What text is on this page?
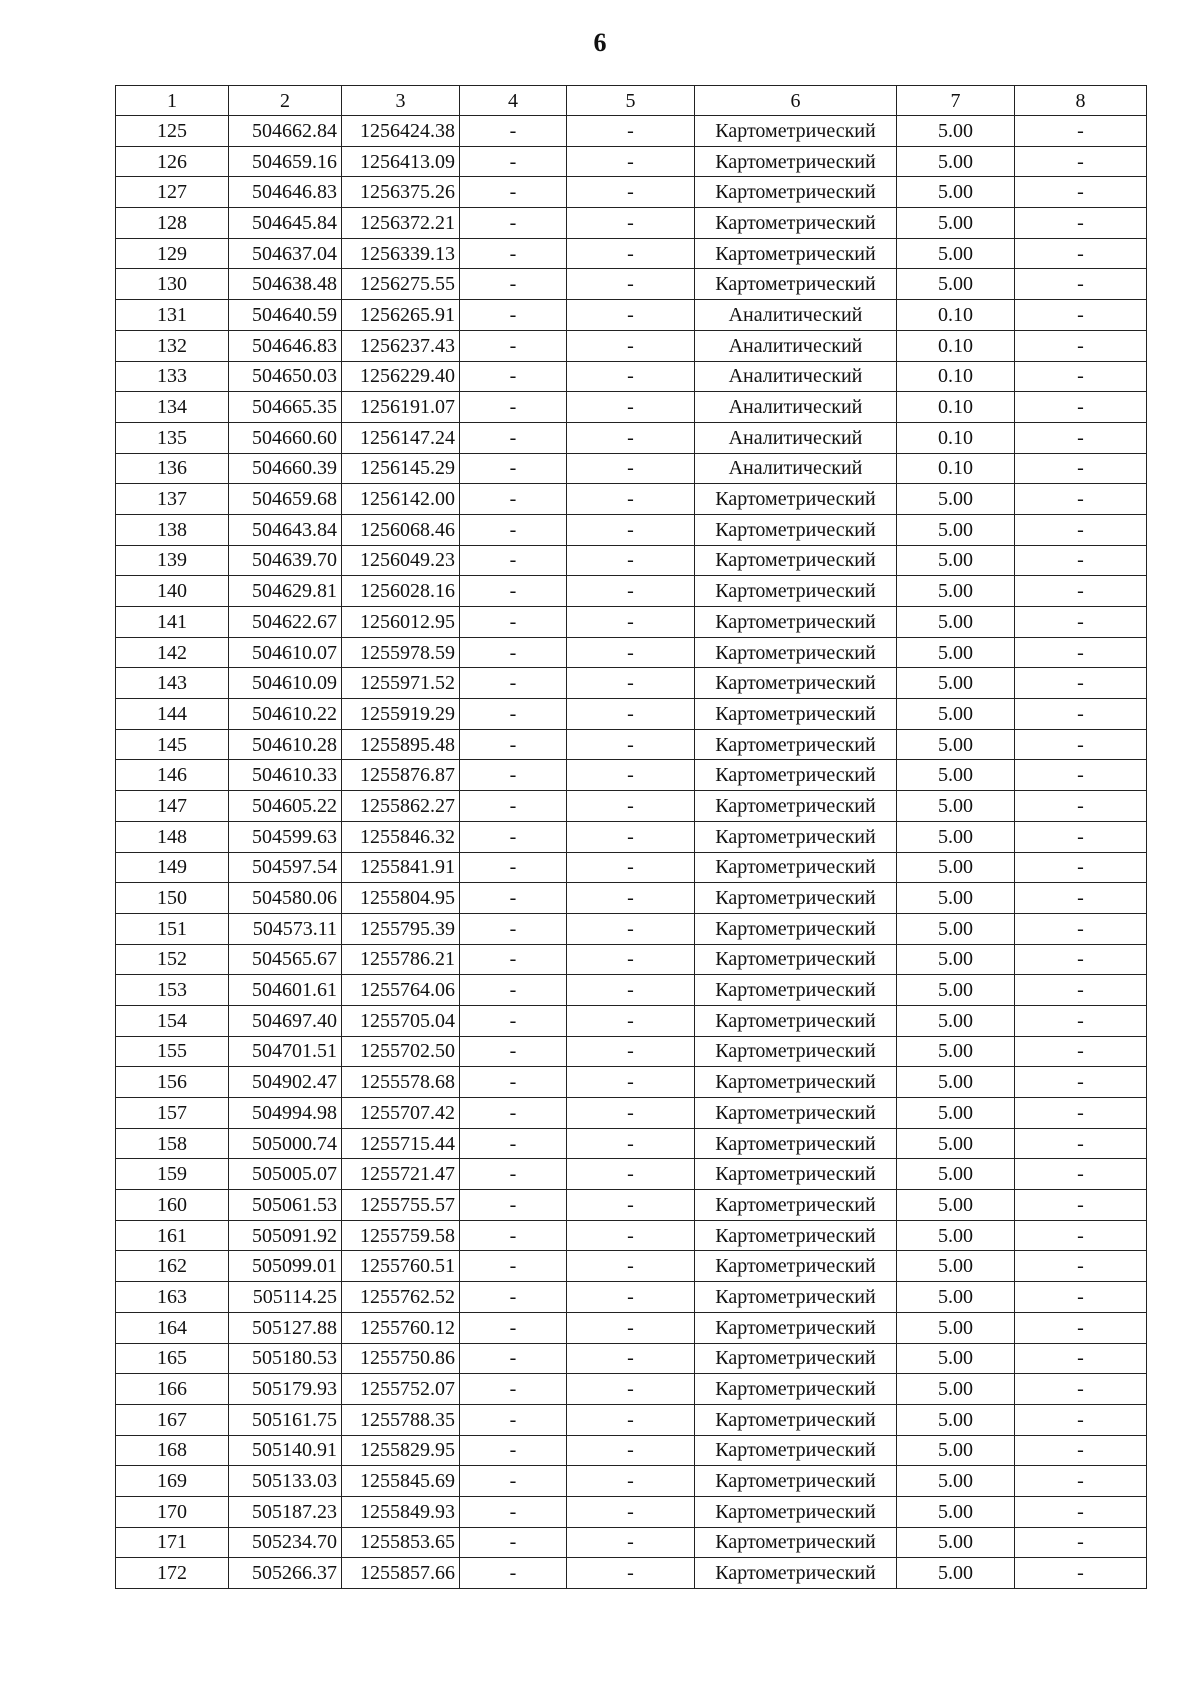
6
1	2	3	4	5	6	7	8
125	504662.84	1256424.38	-	-	Картометрический	5.00	-
126	504659.16	1256413.09	-	-	Картометрический	5.00	-
127	504646.83	1256375.26	-	-	Картометрический	5.00	-
128	504645.84	1256372.21	-	-	Картометрический	5.00	-
129	504637.04	1256339.13	-	-	Картометрический	5.00	-
130	504638.48	1256275.55	-	-	Картометрический	5.00	-
131	504640.59	1256265.91	-	-	Аналитический	0.10	-
132	504646.83	1256237.43	-	-	Аналитический	0.10	-
133	504650.03	1256229.40	-	-	Аналитический	0.10	-
134	504665.35	1256191.07	-	-	Аналитический	0.10	-
135	504660.60	1256147.24	-	-	Аналитический	0.10	-
136	504660.39	1256145.29	-	-	Аналитический	0.10	-
137	504659.68	1256142.00	-	-	Картометрический	5.00	-
138	504643.84	1256068.46	-	-	Картометрический	5.00	-
139	504639.70	1256049.23	-	-	Картометрический	5.00	-
140	504629.81	1256028.16	-	-	Картометрический	5.00	-
141	504622.67	1256012.95	-	-	Картометрический	5.00	-
142	504610.07	1255978.59	-	-	Картометрический	5.00	-
143	504610.09	1255971.52	-	-	Картометрический	5.00	-
144	504610.22	1255919.29	-	-	Картометрический	5.00	-
145	504610.28	1255895.48	-	-	Картометрический	5.00	-
146	504610.33	1255876.87	-	-	Картометрический	5.00	-
147	504605.22	1255862.27	-	-	Картометрический	5.00	-
148	504599.63	1255846.32	-	-	Картометрический	5.00	-
149	504597.54	1255841.91	-	-	Картометрический	5.00	-
150	504580.06	1255804.95	-	-	Картометрический	5.00	-
151	504573.11	1255795.39	-	-	Картометрический	5.00	-
152	504565.67	1255786.21	-	-	Картометрический	5.00	-
153	504601.61	1255764.06	-	-	Картометрический	5.00	-
154	504697.40	1255705.04	-	-	Картометрический	5.00	-
155	504701.51	1255702.50	-	-	Картометрический	5.00	-
156	504902.47	1255578.68	-	-	Картометрический	5.00	-
157	504994.98	1255707.42	-	-	Картометрический	5.00	-
158	505000.74	1255715.44	-	-	Картометрический	5.00	-
159	505005.07	1255721.47	-	-	Картометрический	5.00	-
160	505061.53	1255755.57	-	-	Картометрический	5.00	-
161	505091.92	1255759.58	-	-	Картометрический	5.00	-
162	505099.01	1255760.51	-	-	Картометрический	5.00	-
163	505114.25	1255762.52	-	-	Картометрический	5.00	-
164	505127.88	1255760.12	-	-	Картометрический	5.00	-
165	505180.53	1255750.86	-	-	Картометрический	5.00	-
166	505179.93	1255752.07	-	-	Картометрический	5.00	-
167	505161.75	1255788.35	-	-	Картометрический	5.00	-
168	505140.91	1255829.95	-	-	Картометрический	5.00	-
169	505133.03	1255845.69	-	-	Картометрический	5.00	-
170	505187.23	1255849.93	-	-	Картометрический	5.00	-
171	505234.70	1255853.65	-	-	Картометрический	5.00	-
172	505266.37	1255857.66	-	-	Картометрический	5.00	-
